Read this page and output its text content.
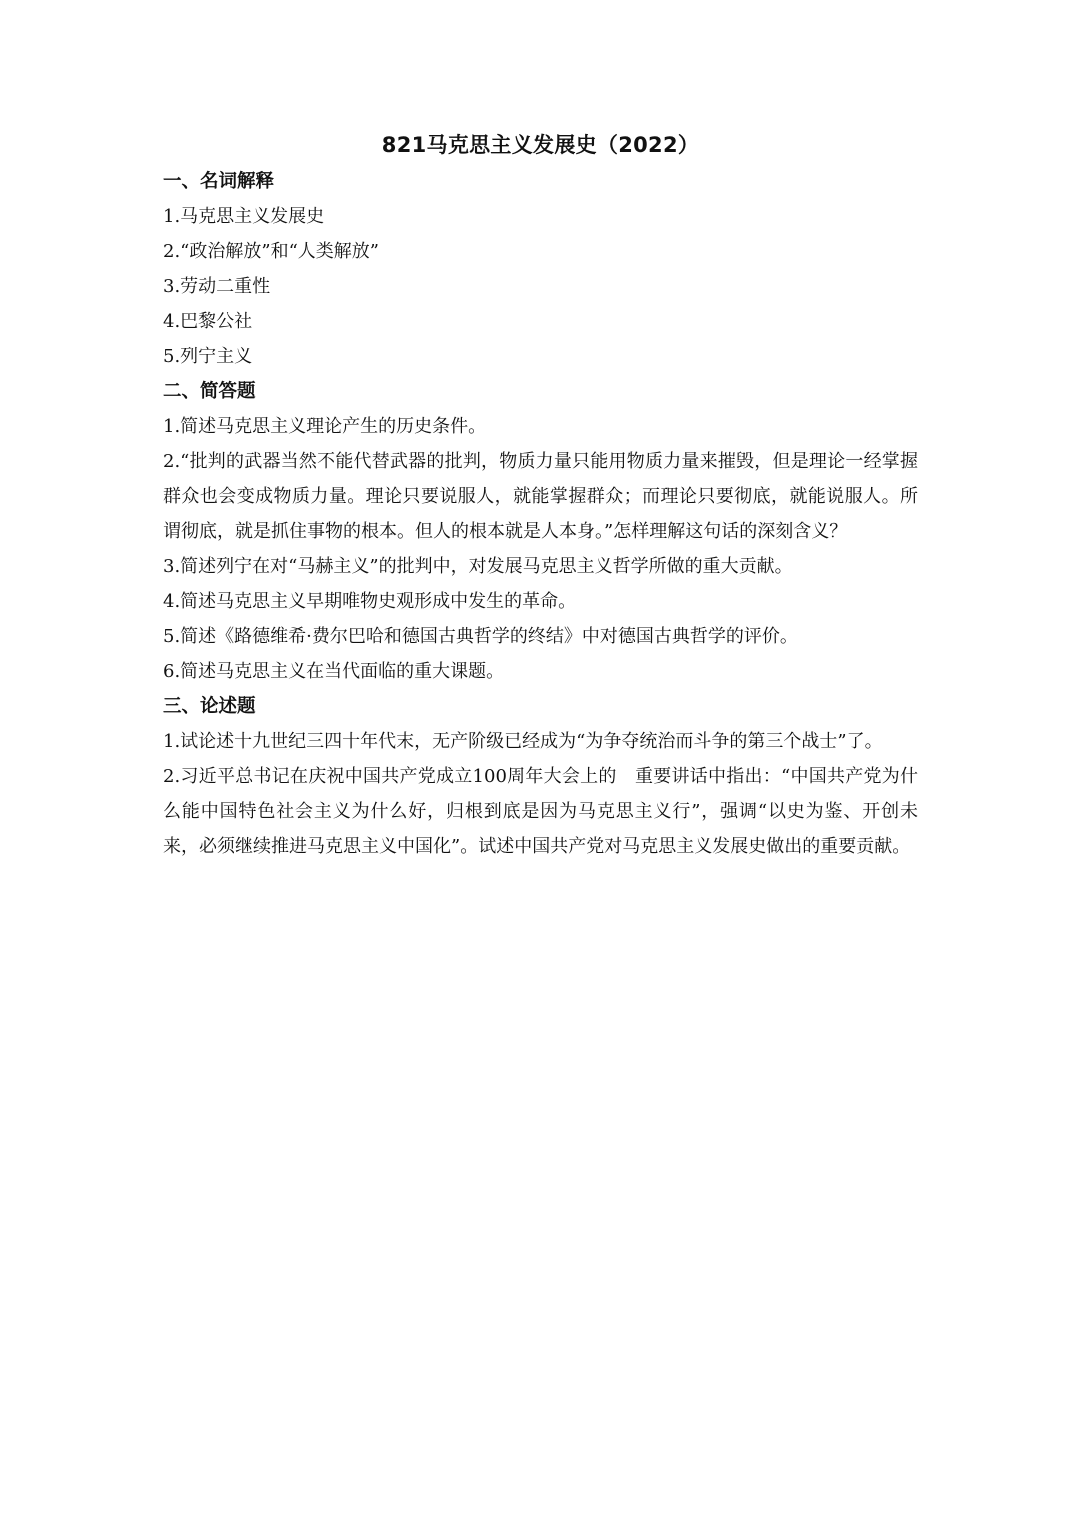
821马克思主义发展史（2022）

一、名词解释

1.马克思主义发展史

2.“政治解放”和“人类解放”

3.劳动二重性

4.巴黎公社

5.列宁主义

二、简答题

1.简述马克思主义理论产生的历史条件。

2.“批判的武器当然不能代替武器的批判，物质力量只能用物质力量来摧毁，但是理论一经掌握群众也会变成物质力量。理论只要说服人，就能掌握群众；而理论只要彻底，就能说服人。所谓彻底，就是抓住事物的根本。但人的根本就是人本身。”怎样理解这句话的深刻含义？

3.简述列宁在对“马赫主义”的批判中，对发展马克思主义哲学所做的重大贡献。

4.简述马克思主义早期唯物史观形成中发生的革命。

5.简述《路德维希·费尔巴哈和德国古典哲学的终结》中对德国古典哲学的评价。

6.简述马克思主义在当代面临的重大课题。

三、论述题

1.试论述十九世纪三四十年代末，无产阶级已经成为“为争夺统治而斗争的第三个战士”了。

2.习近平总书记在庆祝中国共产党成立100周年大会上的　重要讲话中指出：“中国共产党为什么能中国特色社会主义为什么好，归根到底是因为马克思主义行”，强调“以史为鉴、开创未来，必须继续推进马克思主义中国化”。试述中国共产党对马克思主义发展史做出的重要贡献。
